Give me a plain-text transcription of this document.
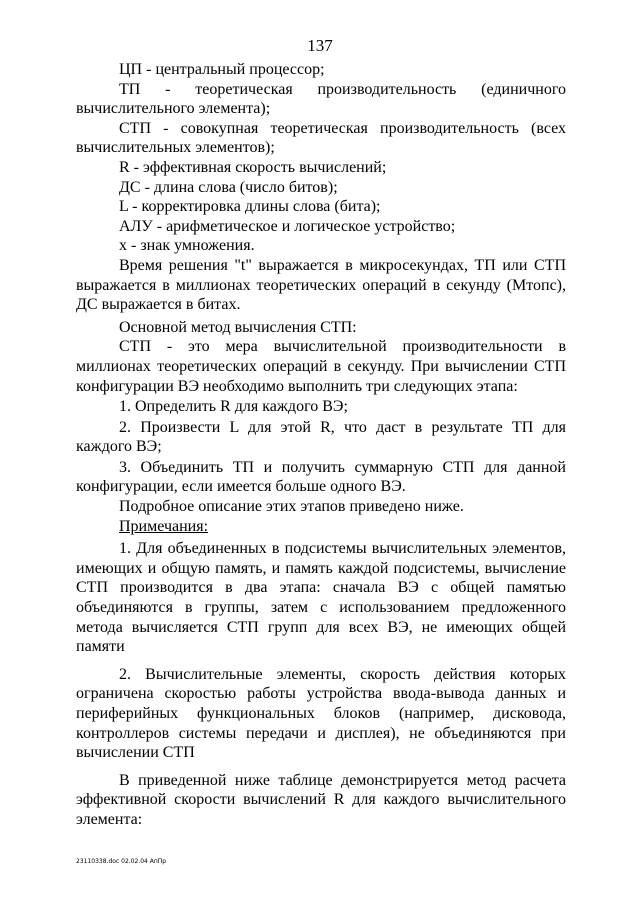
137

ЦП - центральный процессор;

ТП - теоретическая производительность (единичного вычислительного элемента);

СТП - совокупная теоретическая производительность (всех вычислительных элементов);

R - эффективная скорость вычислений;

ДС - длина слова (число битов);

L - корректировка длины слова (бита);

АЛУ - арифметическое и логическое устройство;

х - знак умножения.

Время решения "t" выражается в микросекундах, ТП или СТП выражается в миллионах теоретических операций в секунду (Мтопс), ДС выражается в битах.

Основной метод вычисления СТП:

СТП - это мера вычислительной производительности в миллионах теоретических операций в секунду. При вычислении СТП конфигурации ВЭ необходимо выполнить три следующих этапа:

1. Определить R для каждого ВЭ;

2. Произвести L для этой R, что даст в результате ТП для каждого ВЭ;

3. Объединить ТП и получить суммарную СТП для данной конфигурации, если имеется больше одного ВЭ.

Подробное описание этих этапов приведено ниже.

Примечания:

1. Для объединенных в подсистемы вычислительных элементов, имеющих и общую память, и память каждой подсистемы, вычисление СТП производится в два этапа: сначала ВЭ с общей памятью объединяются в группы, затем с использованием предложенного метода вычисляется СТП групп для всех ВЭ, не имеющих общей памяти

2. Вычислительные элементы, скорость действия которых ограничена скоростью работы устройства ввода-вывода данных и периферийных функциональных блоков (например, дисковода, контроллеров системы передачи и дисплея), не объединяются при вычислении СТП

В приведенной ниже таблице демонстрируется метод расчета эффективной скорости вычислений R для каждого вычислительного элемента:

23110338.doc 02.02.04 АпПр
